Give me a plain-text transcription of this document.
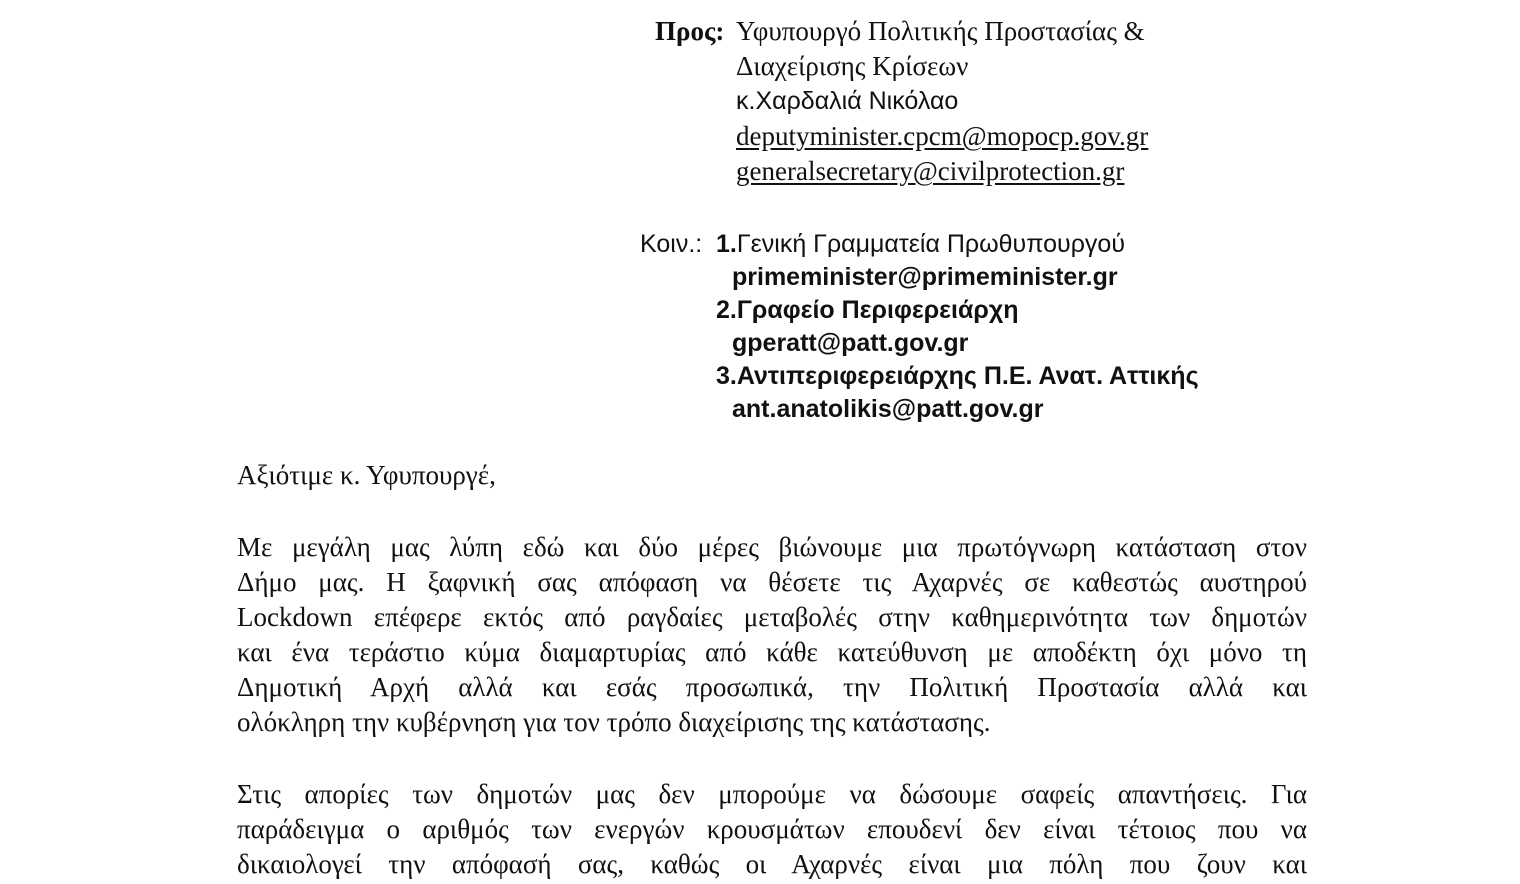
Προς: Υφυπουργό Πολιτικής Προστασίας &
Διαχείρισης Κρίσεων
κ.Χαρδαλιά Νικόλαο
deputyminister.cpcm@mopocp.gov.gr
generalsecretary@civilprotection.gr
Κοιν.: 1.Γενική Γραμματεία Πρωθυπουργού
primeminister@primeminister.gr
2.Γραφείο Περιφερειάρχη
gperatt@patt.gov.gr
3.Αντιπεριφερειάρχης Π.Ε. Ανατ. Αττικής
ant.anatolikis@patt.gov.gr
Αξιότιμε κ. Υφυπουργέ,
Με μεγάλη μας λύπη εδώ και δύο μέρες βιώνουμε μια πρωτόγνωρη κατάσταση στον
Δήμο μας. Η ξαφνική σας απόφαση να θέσετε τις Αχαρνές σε καθεστώς αυστηρού
Lockdown επέφερε εκτός από ραγδαίες μεταβολές στην καθημερινότητα των δημοτών
και ένα τεράστιο κύμα διαμαρτυρίας από κάθε κατεύθυνση με αποδέκτη όχι μόνο τη
Δημοτική Αρχή αλλά και εσάς προσωπικά, την Πολιτική Προστασία αλλά και
ολόκληρη την κυβέρνηση για τον τρόπο διαχείρισης της κατάστασης.
Στις απορίες των δημοτών μας δεν μπορούμε να δώσουμε σαφείς απαντήσεις. Για
παράδειγμα ο αριθμός των ενεργών κρουσμάτων επουδενί δεν είναι τέτοιος που να
δικαιολογεί την απόφασή σας, καθώς οι Αχαρνές είναι μια πόλη που ζουν και
